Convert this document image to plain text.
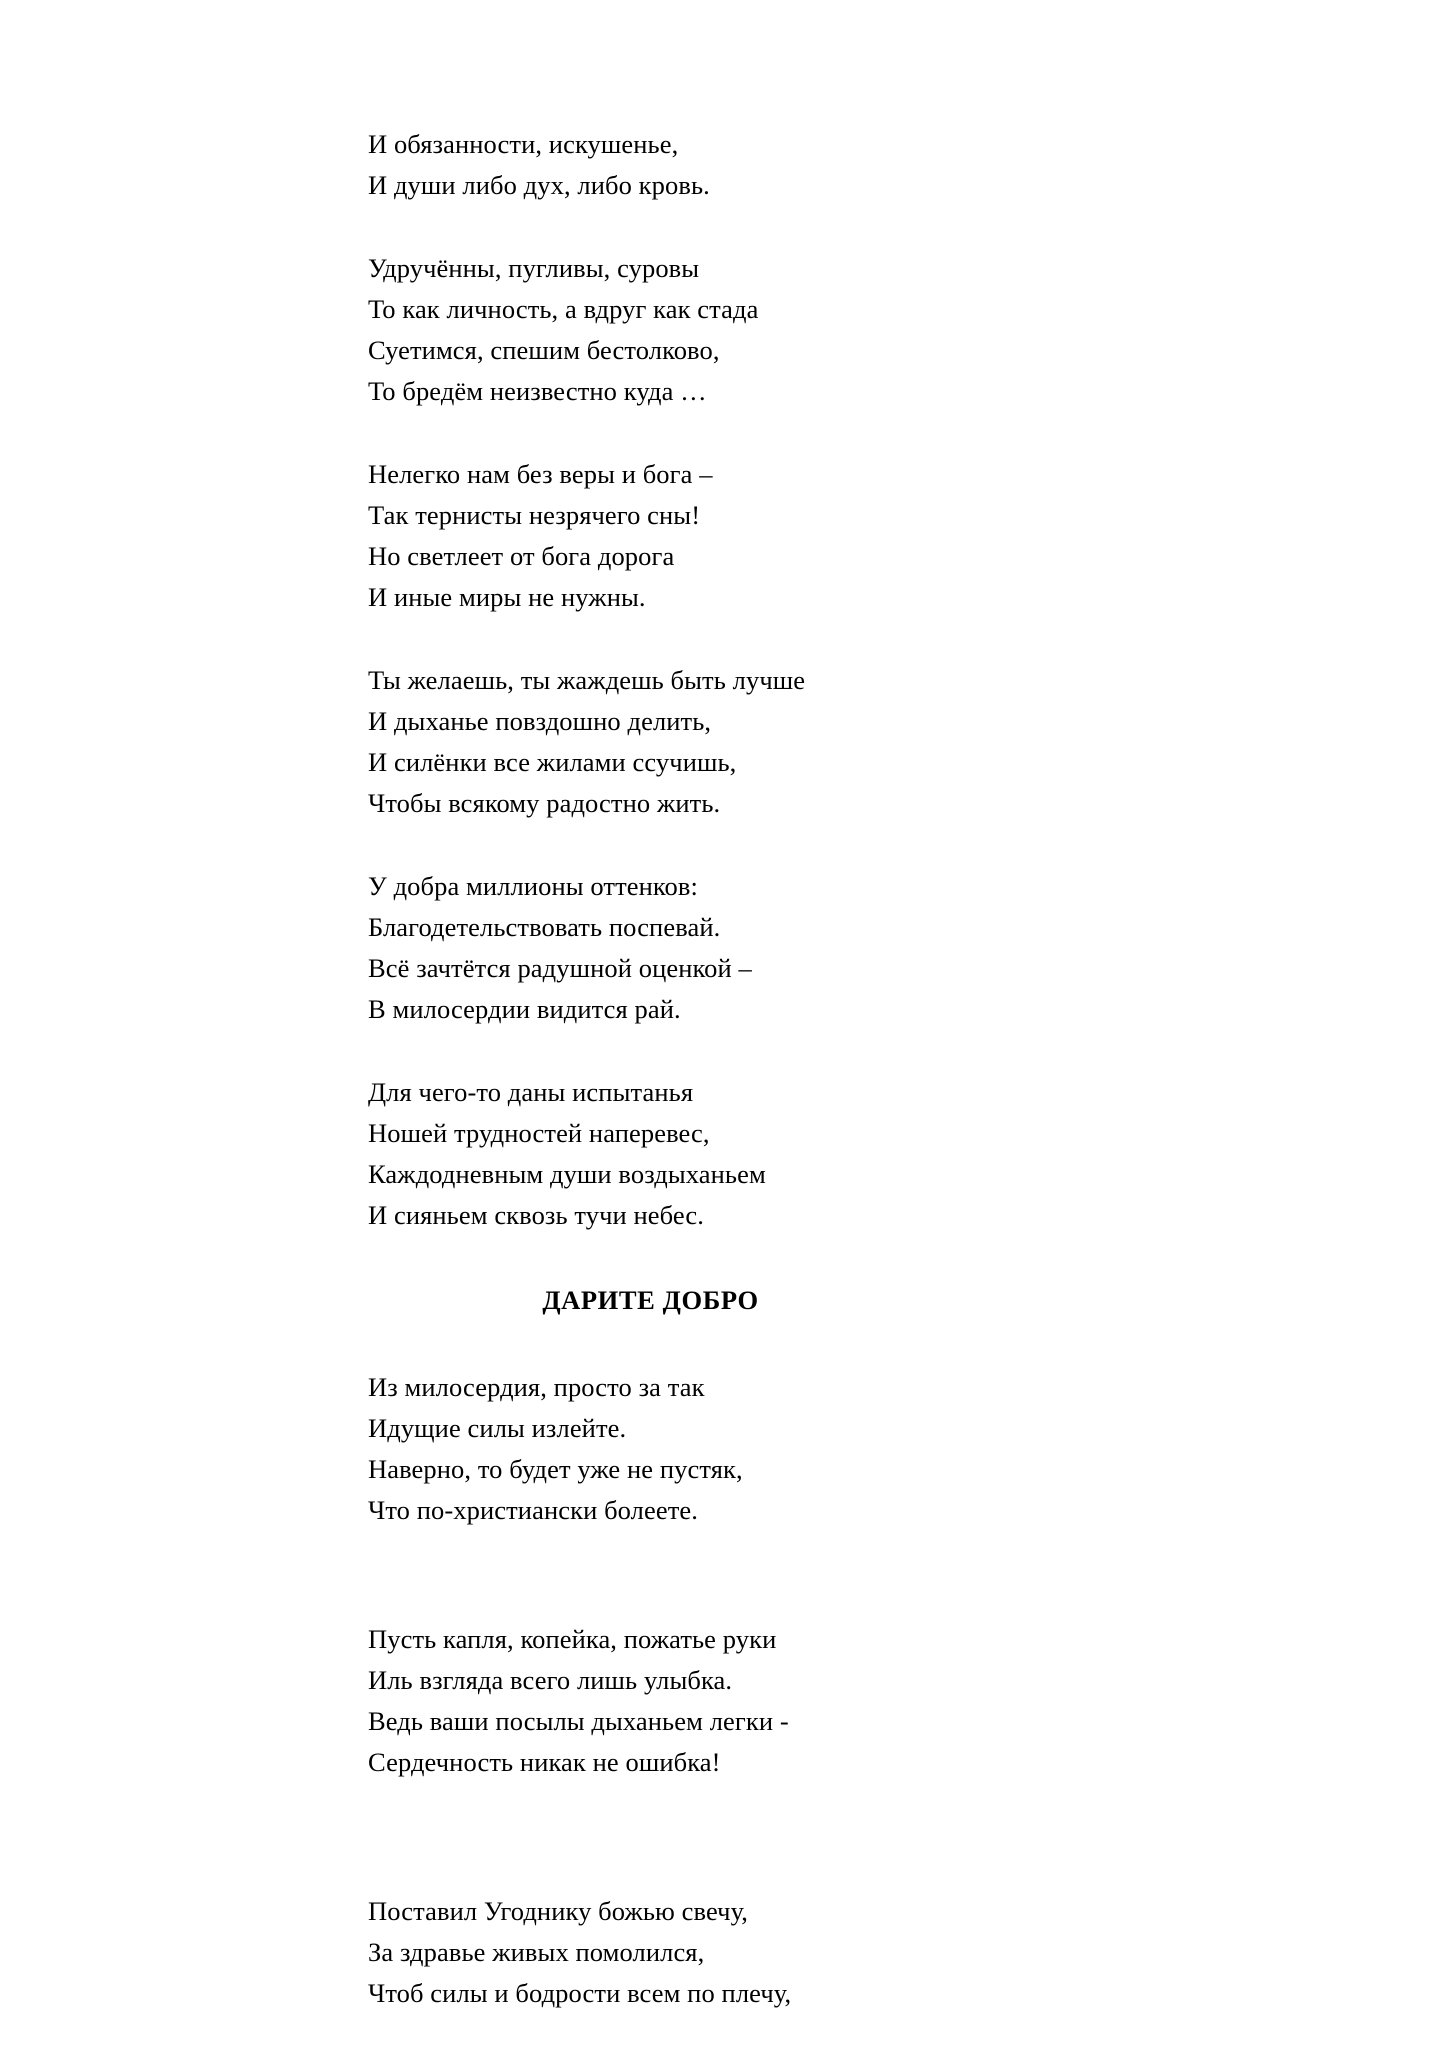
И обязанности, искушенье,
И души либо дух, либо кровь.
Удручённы, пугливы, суровы
То как личность, а вдруг как стада
Суетимся, спешим бестолково,
То бредём неизвестно куда …
Нелегко нам без веры и бога –
Так тернисты незрячего сны!
Но светлеет от бога дорога
И иные миры не нужны.
Ты желаешь, ты жаждешь быть лучше
И дыханье повздошно делить,
И силёнки все жилами ссучишь,
Чтобы всякому радостно жить.
У добра миллионы оттенков:
Благодетельствовать поспевай.
Всё зачтётся радушной оценкой –
В милосердии видится рай.
Для чего-то даны испытанья
Ношей трудностей наперевес,
Каждодневным души воздыханьем
И сияньем сквозь тучи небес.
ДАРИТЕ ДОБРО
Из милосердия, просто за так
Идущие силы излейте.
Наверно, то будет уже не пустяк,
Что по-христиански болеете.
Пусть капля, копейка, пожатье руки
Иль взгляда всего лишь улыбка.
Ведь ваши посылы дыханьем легки -
Сердечность никак не ошибка!
Поставил Угоднику божью свечу,
За здравье живых помолился,
Чтоб силы и бодрости всем по плечу,
